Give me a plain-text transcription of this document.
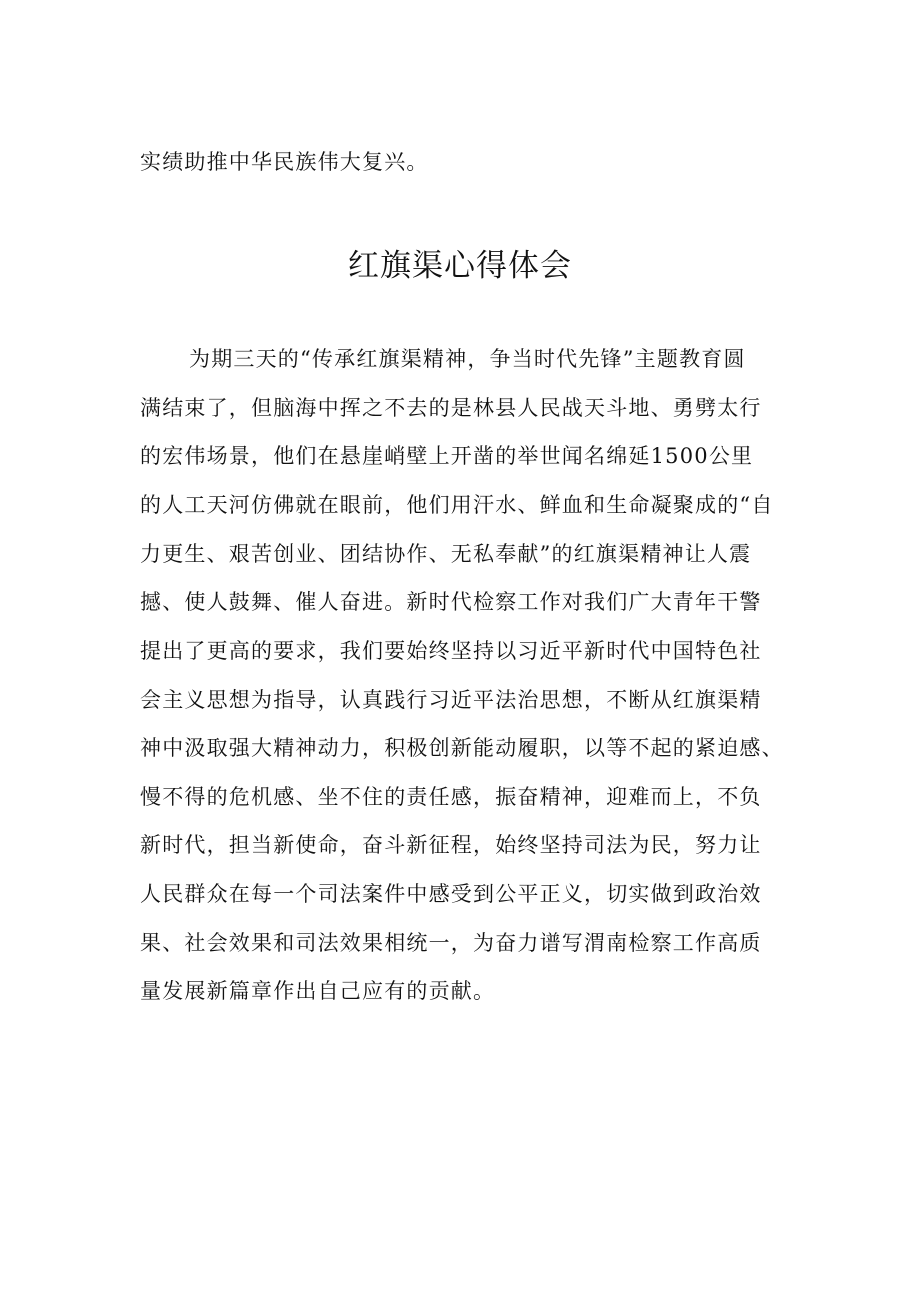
实绩助推中华民族伟大复兴。
红旗渠心得体会
为期三天的“传承红旗渠精神，争当时代先锋”主题教育圆
满结束了，但脑海中挥之不去的是林县人民战天斗地、勇劈太行
的宏伟场景，他们在悬崖峭壁上开凿的举世闻名绵延1500公里
的人工天河仿佛就在眼前，他们用汗水、鲜血和生命凝聚成的“自
力更生、艰苦创业、团结协作、无私奉献”的红旗渠精神让人震
撼、使人鼓舞、催人奋进。新时代检察工作对我们广大青年干警
提出了更高的要求，我们要始终坚持以习近平新时代中国特色社
会主义思想为指导，认真践行习近平法治思想，不断从红旗渠精
神中汲取强大精神动力，积极创新能动履职，以等不起的紧迫感、
慢不得的危机感、坐不住的责任感，振奋精神，迎难而上，不负
新时代，担当新使命，奋斗新征程，始终坚持司法为民，努力让
人民群众在每一个司法案件中感受到公平正义，切实做到政治效
果、社会效果和司法效果相统一，为奋力谱写渭南检察工作高质
量发展新篇章作出自己应有的贡献。
